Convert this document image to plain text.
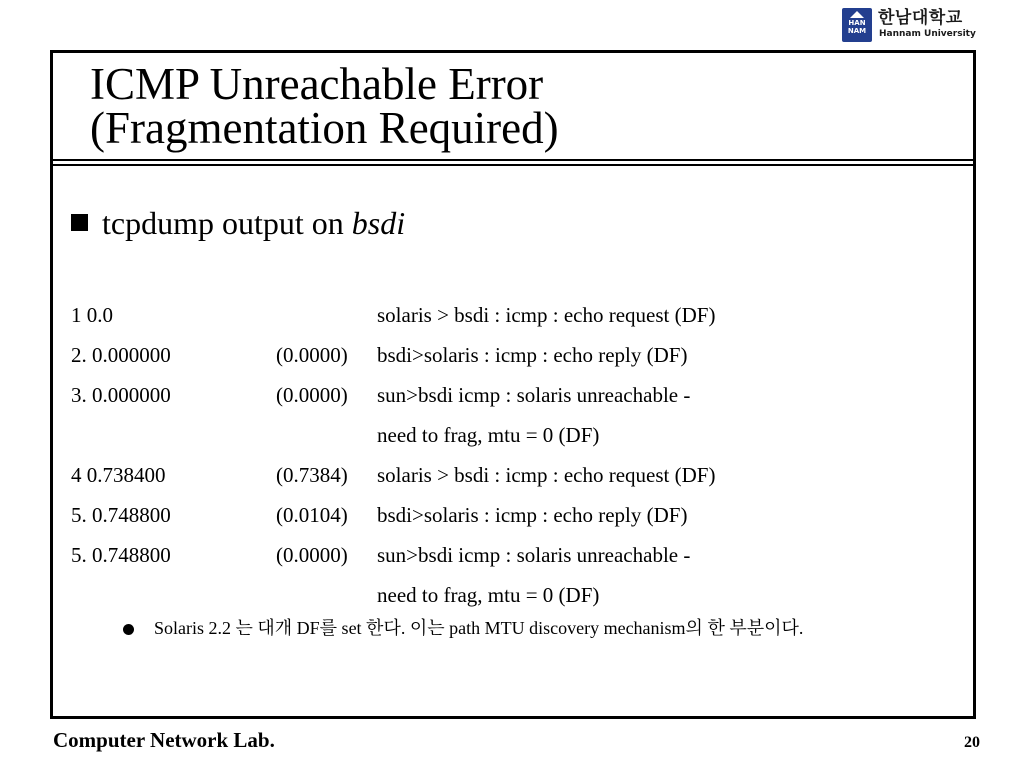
HAN
NAM
한남대학교
Hannam University
ICMP Unreachable Error
(Fragmentation Required)
tcpdump output on bsdi
1 0.0	solaris > bsdi : icmp : echo request (DF)
2. 0.000000	(0.0000) bsdi>solaris : icmp : echo reply (DF)
3. 0.000000	(0.0000) sun>bsdi icmp : solaris unreachable -
need to frag, mtu = 0 (DF)
4 0.738400	(0.7384) solaris > bsdi : icmp : echo request (DF)
5. 0.748800	(0.0104) bsdi>solaris : icmp : echo reply (DF)
5. 0.748800	(0.0000) sun>bsdi icmp : solaris unreachable -
need to frag, mtu = 0 (DF)
Solaris 2.2 는 대개 DF를 set 한다. 이는 path MTU discovery mechanism의 한 부분이다.
Computer Network Lab.	20
